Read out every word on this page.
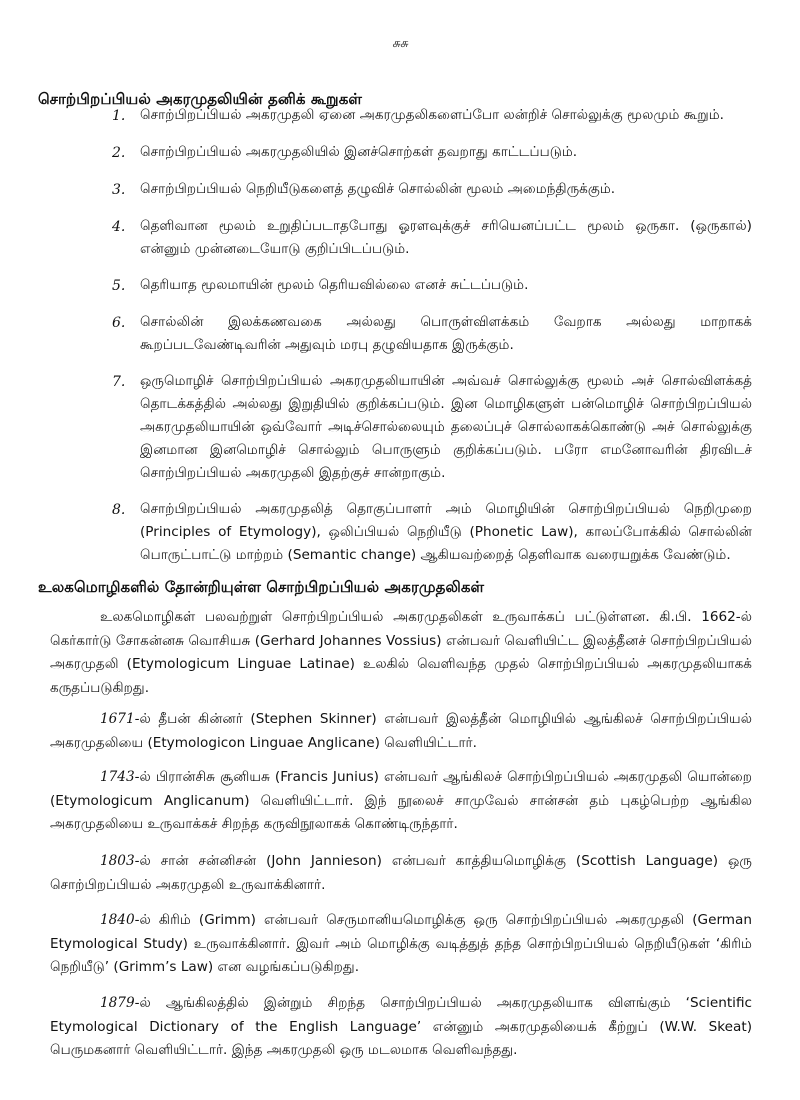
சுசு
சொற்பிறப்பியல் அகரமுதலியின் தனிக் கூறுகள்
1.	சொற்பிறப்பியல் அகரமுதலி ஏனை அகரமுதலிகளைப்போ லன்றிச் சொல்லுக்கு மூலமும் கூறும்.
2.	சொற்பிறப்பியல் அகரமுதலியில் இனச்சொற்கள் தவறாது காட்டப்படும்.
3.	சொற்பிறப்பியல் நெறியீடுகளைத் தழுவிச் சொல்லின் மூலம் அமைந்திருக்கும்.
4.	தெளிவான மூலம் உறுதிப்படாதபோது ஓரளவுக்குச் சரியெனப்பட்ட மூலம் ஒருகா. (ஒருகால்) என்னும் முன்னடையோடு குறிப்பிடப்படும்.
5.	தெரியாத மூலமாயின் மூலம் தெரியவில்லை எனச் சுட்டப்படும்.
6.	சொல்லின் இலக்கணவகை அல்லது பொருள்விளக்கம் வேறாக அல்லது மாறாகக் கூறப்படவேண்டிவரின் அதுவும் மரபு தழுவியதாக இருக்கும்.
7.	ஒருமொழிச் சொற்பிறப்பியல் அகரமுதலியாயின் அவ்வச் சொல்லுக்கு மூலம் அச் சொல்விளக்கத் தொடக்கத்தில் அல்லது இறுதியில் குறிக்கப்படும். இன மொழிகளுள் பன்மொழிச் சொற்பிறப்பியல் அகரமுதலியாயின் ஒவ்வோர் அடிச்சொல்லையும் தலைப்புச் சொல்லாகக்கொண்டு அச் சொல்லுக்கு இனமான இனமொழிச் சொல்லும் பொருளும் குறிக்கப்படும். பரோ எமனோவரின் திரவிடச் சொற்பிறப்பியல் அகரமுதலி இதற்குச் சான்றாகும்.
8.	சொற்பிறப்பியல் அகரமுதலித் தொகுப்பாளர் அம் மொழியின் சொற்பிறப்பியல் நெறிமுறை (Principles of Etymology), ஒலிப்பியல் நெறியீடு (Phonetic Law), காலப்போக்கில் சொல்லின் பொருட்பாட்டு மாற்றம் (Semantic change) ஆகியவற்றைத் தெளிவாக வரையறுக்க வேண்டும்.
உலகமொழிகளில் தோன்றியுள்ள சொற்பிறப்பியல் அகரமுதலிகள்
உலகமொழிகள் பலவற்றுள் சொற்பிறப்பியல் அகரமுதலிகள் உருவாக்கப் பட்டுள்ளன. கி.பி. 1662-ல் கெர்கார்டு சோகன்னசு வொசியசு (Gerhard Johannes Vossius) என்பவர் வெளியிட்ட இலத்தீனச் சொற்பிறப்பியல் அகரமுதலி (Etymologicum Linguae Latinae) உலகில் வெளிவந்த முதல் சொற்பிறப்பியல் அகரமுதலியாகக் கருதப்படுகிறது.
1671-ல் தீபன் கின்னர் (Stephen Skinner) என்பவர் இலத்தீன் மொழியில் ஆங்கிலச் சொற்பிறப்பியல் அகரமுதலியை (Etymologicon Linguae Anglicane) வெளியிட்டார்.
1743-ல் பிரான்சிசு சூனியசு (Francis Junius) என்பவர் ஆங்கிலச் சொற்பிறப்பியல் அகரமுதலி யொன்றை (Etymologicum Anglicanum) வெளியிட்டார். இந் நூலைச் சாமுவேல் சான்சன் தம் புகழ்பெற்ற ஆங்கில அகரமுதலியை உருவாக்கச் சிறந்த கருவிநூலாகக் கொண்டிருந்தார்.
1803-ல் சான் சன்னிசன் (John Jannieson) என்பவர் காத்தியமொழிக்கு (Scottish Language) ஒரு சொற்பிறப்பியல் அகரமுதலி உருவாக்கினார்.
1840-ல் கிரிம் (Grimm) என்பவர் செருமானியமொழிக்கு ஒரு சொற்பிறப்பியல் அகரமுதலி (German Etymological Study) உருவாக்கினார். இவர் அம் மொழிக்கு வடித்துத் தந்த சொற்பிறப்பியல் நெறியீடுகள் ‘கிரிம் நெறியீடு’ (Grimm’s Law) என வழங்கப்படுகிறது.
1879-ல் ஆங்கிலத்தில் இன்றும் சிறந்த சொற்பிறப்பியல் அகரமுதலியாக விளங்கும் ‘Scientific Etymological Dictionary of the English Language’ என்னும் அகரமுதலியைக் கீற்றுப் (W.W. Skeat) பெருமகனார் வெளியிட்டார். இந்த அகரமுதலி ஒரு மடலமாக வெளிவந்தது.
